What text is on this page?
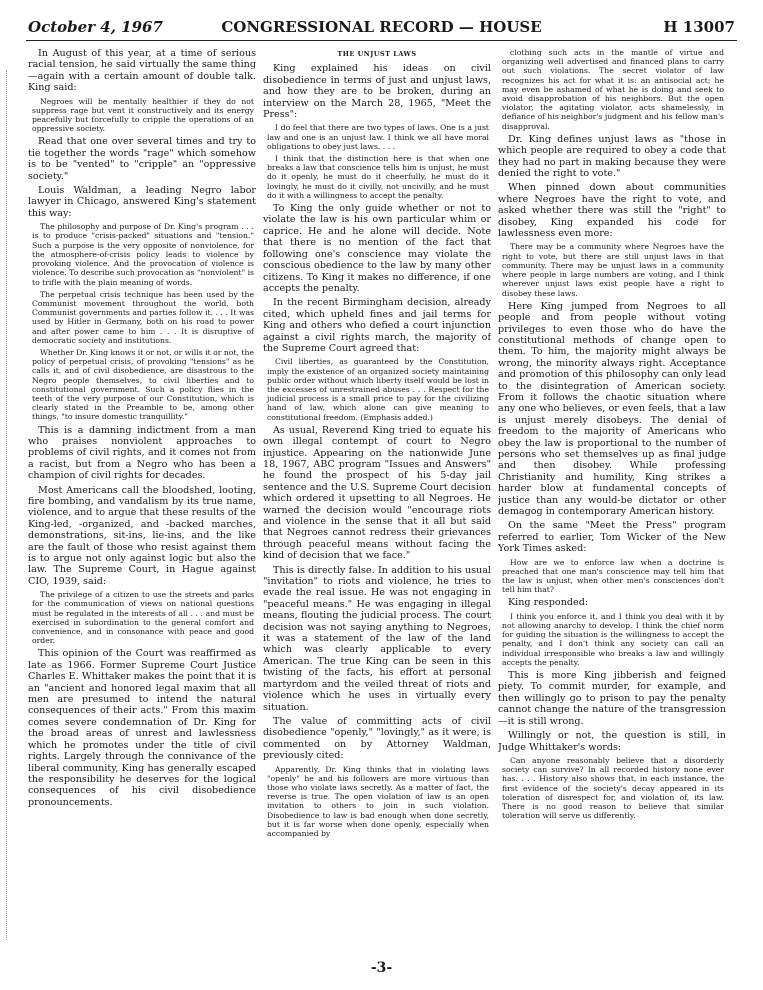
October 4, 1967	CONGRESSIONAL RECORD — HOUSE	H 13007

In August of this year, at a time of serious racial tension, he said virtually the same thing—again with a certain amount of double talk. King said:

Negroes will be mentally healthier if they do not suppress rage but vent it constructively and its energy peacefully but forcefully to cripple the operations of an oppressive society.

Read that one over several times and try to tie together the words "rage" which somehow is to be "vented" to "cripple" an "oppressive society."

Louis Waldman, a leading Negro labor lawyer in Chicago, answered King's statement this way:

The philosophy and purpose of Dr. King's program . . . is to produce "crisis-packed" situations and "tension." Such a purpose is the very opposite of nonviolence, for the atmosphere-of-crisis policy leads to violence by provoking violence. And the provocation of violence is violence. To describe such provocation as "nonviolent" is to trifle with the plain meaning of words.

The perpetual crisis technique has been used by the Communist movement throughout the world, both Communist governments and parties follow it. . . . It was used by Hitler in Germany, both on his road to power and after power came to him . . . It is disruptive of democratic society and institutions.

Whether Dr. King knows it or not, or wills it or not, the policy of perpetual crisis, of provoking "tensions" as he calls it, and of civil disobedience, are disastrous to the Negro people themselves, to civil liberties and to constitutional government. Such a policy flies in the teeth of the very purpose of our Constitution, which is clearly stated in the Preamble to be, among other things, "to insure domestic tranquillity."

This is a damning indictment from a man who praises nonviolent approaches to problems of civil rights, and it comes not from a racist, but from a Negro who has been a champion of civil rights for decades.

Most Americans call the bloodshed, looting, fire bombing, and vandalism by its true name, violence, and to argue that these results of the King-led, -organized, and -backed marches, demonstrations, sit-ins, lie-ins, and the like are the fault of those who resist against them is to argue not only against logic but also the law. The Supreme Court, in Hague against CIO, 1939, said:

The privilege of a citizen to use the streets and parks for the communication of views on national questions must be regulated in the interests of all . . . and must be exercised in subordination to the general comfort and convenience, and in consonance with peace and good order.

This opinion of the Court was reaffirmed as late as 1966. Former Supreme Court Justice Charles E. Whittaker makes the point that it is an "ancient and honored legal maxim that all men are presumed to intend the natural consequences of their acts." From this maxim comes severe condemnation of Dr. King for the broad areas of unrest and lawlessness which he promotes under the title of civil rights. Largely through the connivance of the liberal community, King has generally escaped the responsibility he deserves for the logical consequences of his civil disobedience pronouncements.

THE UNJUST LAWS

King explained his ideas on civil disobedience in terms of just and unjust laws, and how they are to be broken, during an interview on the March 28, 1965, "Meet the Press":

I do feel that there are two types of laws. One is a just law and one is an unjust law. I think we all have moral obligations to obey just laws. . . .

I think that the distinction here is that when one breaks a law that conscience tells him is unjust, he must do it openly, he must do it cheerfully, he must do it lovingly, he must do it civilly, not uncivilly, and he must do it with a willingness to accept the penalty.

To King the only guide whether or not to violate the law is his own particular whim or caprice. He and he alone will decide. Note that there is no mention of the fact that following one's conscience may violate the conscious obedience to the law by many other citizens. To King it makes no difference, if one accepts the penalty.

In the recent Birmingham decision, already cited, which upheld fines and jail terms for King and others who defied a court injunction against a civil rights march, the majority of the Supreme Court agreed that:

Civil liberties, as guaranteed by the Constitution, imply the existence of an organized society maintaining public order without which liberty itself would be lost in the excesses of unrestrained abuses . . . Respect for the judicial process is a small price to pay for the civilizing hand of law, which alone can give meaning to constitutional freedom. (Emphasis added.)

As usual, Reverend King tried to equate his own illegal contempt of court to Negro injustice. Appearing on the nationwide June 18, 1967, ABC program "Issues and Answers" he found the prospect of his 5-day jail sentence and the U.S. Supreme Court decision which ordered it upsetting to all Negroes. He warned the decision would "encourage riots and violence in the sense that it all but said that Negroes cannot redress their grievances through peaceful means without facing the kind of decision that we face."

This is directly false. In addition to his usual "invitation" to riots and violence, he tries to evade the real issue. He was not engaging in "peaceful means." He was engaging in illegal means, flouting the judicial process. The court decision was not saying anything to Negroes, it was a statement of the law of the land which was clearly applicable to every American. The true King can be seen in this twisting of the facts, his effort at personal martyrdom and the veiled threat of riots and violence which he uses in virtually every situation.

The value of committing acts of civil disobedience "openly," "lovingly," as it were, is commented on by Attorney Waldman, previously cited:

Apparently, Dr. King thinks that in violating laws "openly" he and his followers are more virtuous than those who violate laws secretly. As a matter of fact, the reverse is true. The open violation of law is an open invitation to others to join in such violation. Disobedience to law is bad enough when done secretly, but it is far worse when done openly, especially when accompanied by

clothing such acts in the mantle of virtue and organizing well advertised and financed plans to carry out such violations. The secret violator of law recognizes his act for what it is: an antisocial act; he may even be ashamed of what he is doing and seek to avoid disapprobation of his neighbors. But the open violator, the agitating violator, acts shamelessly, in defiance of his neighbor's judgment and his fellow man's disapproval.

Dr. King defines unjust laws as "those in which people are required to obey a code that they had no part in making because they were denied the right to vote."

When pinned down about communities where Negroes have the right to vote, and asked whether there was still the "right" to disobey, King expanded his code for lawlessness even more:

There may be a community where Negroes have the right to vote, but there are still unjust laws in that community. There may be unjust laws in a community where people in large numbers are voting, and I think wherever unjust laws exist people have a right to disobey these laws.

Here King jumped from Negroes to all people and from people without voting privileges to even those who do have the constitutional methods of change open to them. To him, the majority might always be wrong, the minority always right. Acceptance and promotion of this philosophy can only lead to the disintegration of American society. From it follows the chaotic situation where any one who believes, or even feels, that a law is unjust merely disobeys. The denial of freedom to the majority of Americans who obey the law is proportional to the number of persons who set themselves up as final judge and then disobey. While professing Christianity and humility, King strikes a harder blow at fundamental concepts of justice than any would-be dictator or other demagog in contemporary American history.

On the same "Meet the Press" program referred to earlier, Tom Wicker of the New York Times asked:

How are we to enforce law when a doctrine is preached that one man's conscience may tell him that the law is unjust, when other men's consciences don't tell him that?

King responded:

I think you enforce it, and I think you deal with it by not allowing anarchy to develop. I think the chief norm for guiding the situation is the willingness to accept the penalty, and I don't think any society can call an individual irresponsible who breaks a law and willingly accepts the penalty.

This is more King jibberish and feigned piety. To commit murder, for example, and then willingly go to prison to pay the penalty cannot change the nature of the transgression—it is still wrong.

Willingly or not, the question is still, in Judge Whittaker's words:

Can anyone reasonably believe that a disorderly society can survive? In all recorded history none ever has. . . . History also shows that, in each instance, the first evidence of the society's decay appeared in its toleration of disrespect for, and violation of, its law. There is no good reason to believe that similar toleration will serve us differently.

-3-
